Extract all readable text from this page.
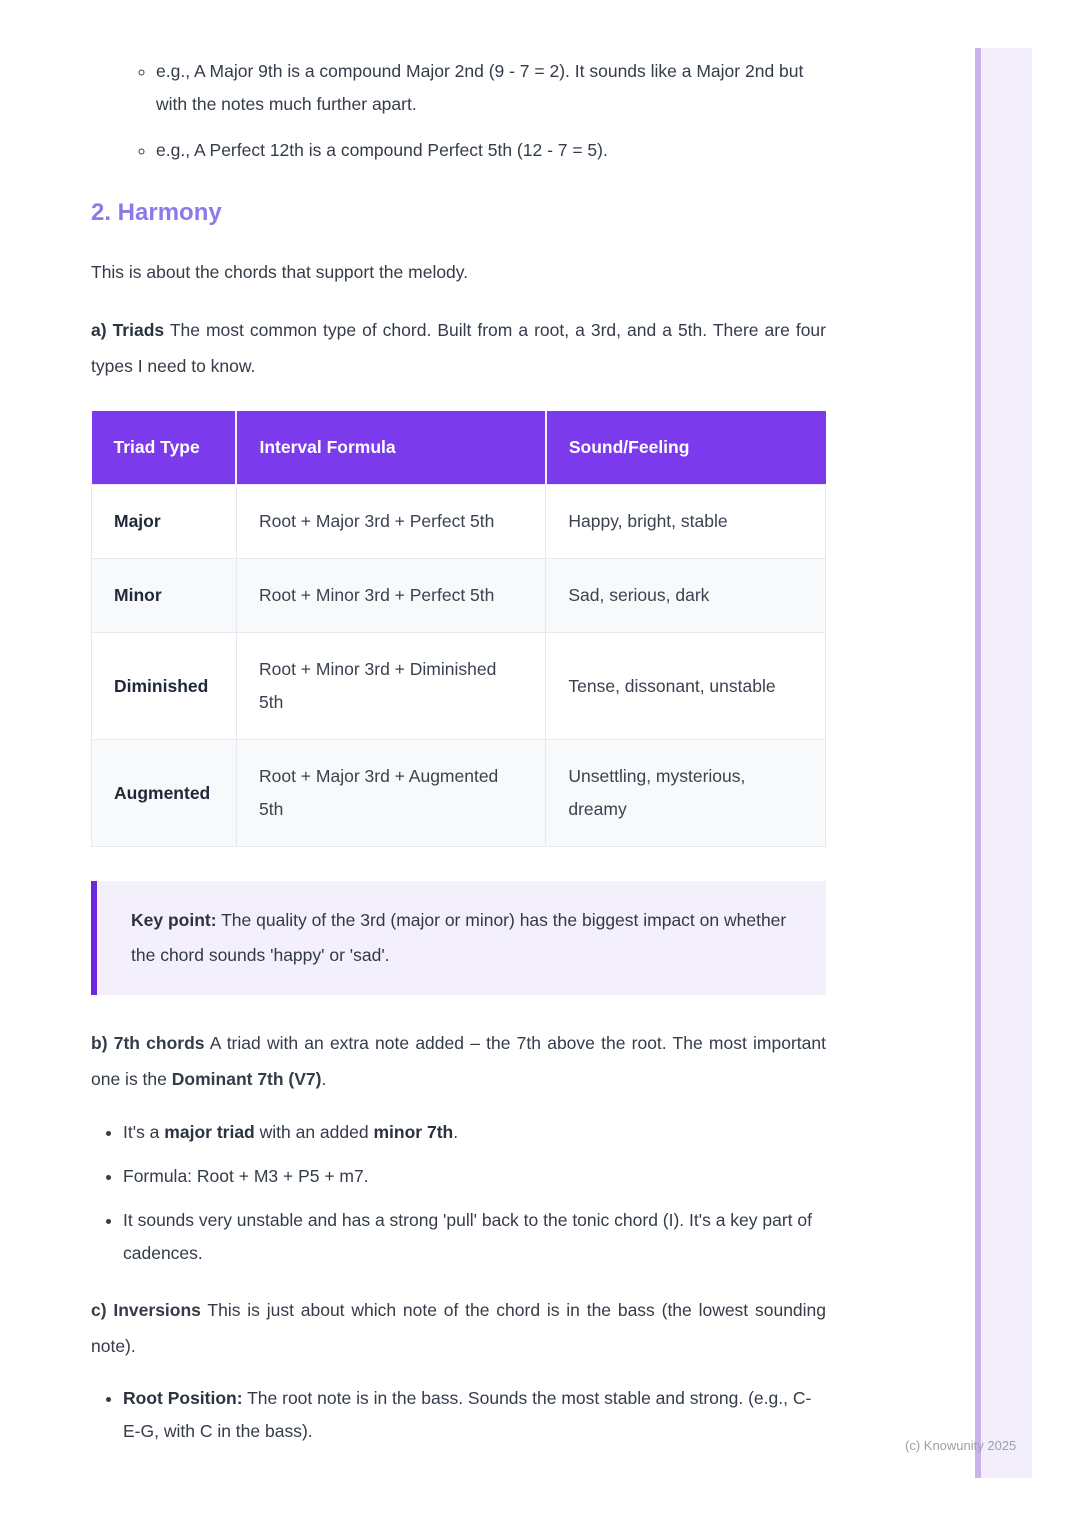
◦ e.g., A Major 9th is a compound Major 2nd (9 - 7 = 2). It sounds like a Major 2nd but with the notes much further apart.
◦ e.g., A Perfect 12th is a compound Perfect 5th (12 - 7 = 5).
2. Harmony

This is about the chords that support the melody.

a) Triads The most common type of chord. Built from a root, a 3rd, and a 5th. There are four types I need to know.

Triad Type	Interval Formula	Sound/Feeling
Major	Root + Major 3rd + Perfect 5th	Happy, bright, stable
Minor	Root + Minor 3rd + Perfect 5th	Sad, serious, dark
Diminished	Root + Minor 3rd + Diminished 5th	Tense, dissonant, unstable
Augmented	Root + Major 3rd + Augmented 5th	Unsettling, mysterious, dreamy
Key point: The quality of the 3rd (major or minor) has the biggest impact on whether the chord sounds 'happy' or 'sad'.

b) 7th chords A triad with an extra note added – the 7th above the root. The most important one is the Dominant 7th (V7).

• It's a major triad with an added minor 7th.
• Formula: Root + M3 + P5 + m7.
• It sounds very unstable and has a strong 'pull' back to the tonic chord (I). It's a key part of cadences.

c) Inversions This is just about which note of the chord is in the bass (the lowest sounding note).

• Root Position: The root note is in the bass. Sounds the most stable and strong. (e.g., C-E-G, with C in the bass).
(c) Knowunity 2025
